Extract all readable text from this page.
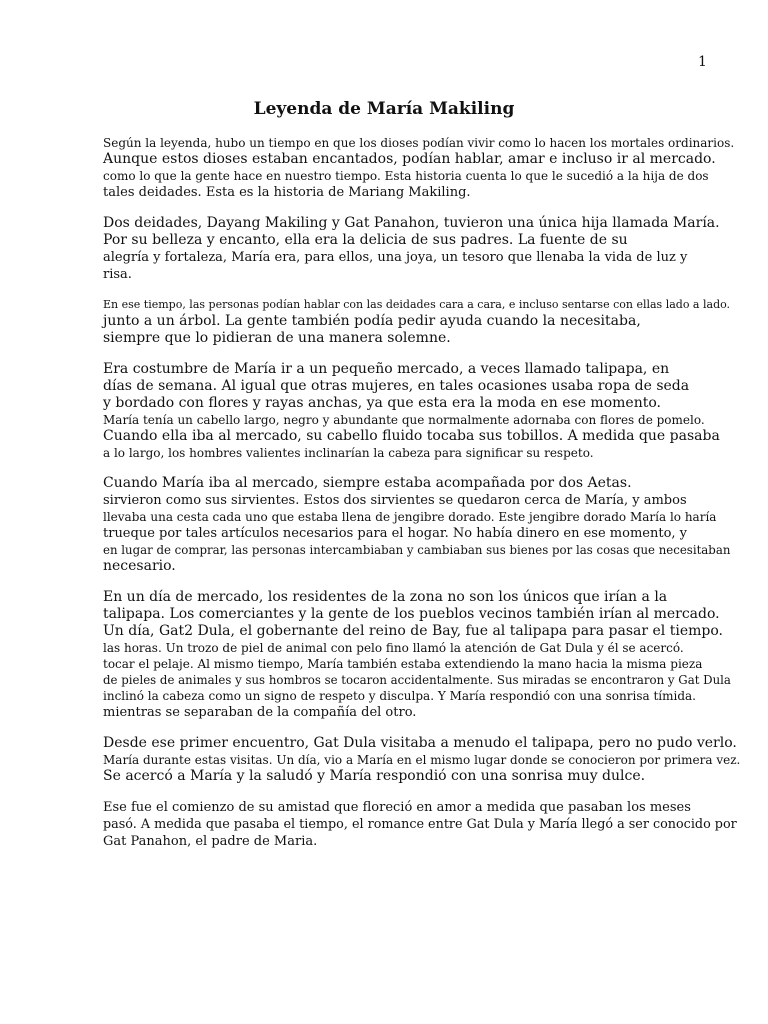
1
Leyenda de María Makiling
Según la leyenda, hubo un tiempo en que los dioses podían vivir como lo hacen los mortales ordinarios.
Aunque estos dioses estaban encantados, podían hablar, amar e incluso ir al mercado.
como lo que la gente hace en nuestro tiempo. Esta historia cuenta lo que le sucedió a la hija de dos
tales deidades. Esta es la historia de Mariang Makiling.
Dos deidades, Dayang Makiling y Gat Panahon, tuvieron una única hija llamada María.
Por su belleza y encanto, ella era la delicia de sus padres. La fuente de su
alegría y fortaleza, María era, para ellos, una joya, un tesoro que llenaba la vida de luz y
risa.
En ese tiempo, las personas podían hablar con las deidades cara a cara, e incluso sentarse con ellas lado a lado.
junto a un árbol. La gente también podía pedir ayuda cuando la necesitaba,
siempre que lo pidieran de una manera solemne.
Era costumbre de María ir a un pequeño mercado, a veces llamado talipapa, en
días de semana. Al igual que otras mujeres, en tales ocasiones usaba ropa de seda
y bordado con flores y rayas anchas, ya que esta era la moda en ese momento.
María tenía un cabello largo, negro y abundante que normalmente adornaba con flores de pomelo.
Cuando ella iba al mercado, su cabello fluido tocaba sus tobillos. A medida que pasaba
a lo largo, los hombres valientes inclinarían la cabeza para significar su respeto.
Cuando María iba al mercado, siempre estaba acompañada por dos Aetas.
sirvieron como sus sirvientes. Estos dos sirvientes se quedaron cerca de María, y ambos
llevaba una cesta cada uno que estaba llena de jengibre dorado. Este jengibre dorado María lo haría
trueque por tales artículos necesarios para el hogar. No había dinero en ese momento, y
en lugar de comprar, las personas intercambiaban y cambiaban sus bienes por las cosas que necesitaban
necesario.
En un día de mercado, los residentes de la zona no son los únicos que irían a la
talipapa. Los comerciantes y la gente de los pueblos vecinos también irían al mercado.
Un día, Gat2 Dula, el gobernante del reino de Bay, fue al talipapa para pasar el tiempo.
las horas. Un trozo de piel de animal con pelo fino llamó la atención de Gat Dula y él se acercó.
tocar el pelaje. Al mismo tiempo, María también estaba extendiendo la mano hacia la misma pieza
de pieles de animales y sus hombros se tocaron accidentalmente. Sus miradas se encontraron y Gat Dula
inclinó la cabeza como un signo de respeto y disculpa. Y María respondió con una sonrisa tímida.
mientras se separaban de la compañía del otro.
Desde ese primer encuentro, Gat Dula visitaba a menudo el talipapa, pero no pudo verlo.
María durante estas visitas. Un día, vio a María en el mismo lugar donde se conocieron por primera vez.
Se acercó a María y la saludó y María respondió con una sonrisa muy dulce.
Ese fue el comienzo de su amistad que floreció en amor a medida que pasaban los meses
pasó. A medida que pasaba el tiempo, el romance entre Gat Dula y María llegó a ser conocido por
Gat Panahon, el padre de Maria.
